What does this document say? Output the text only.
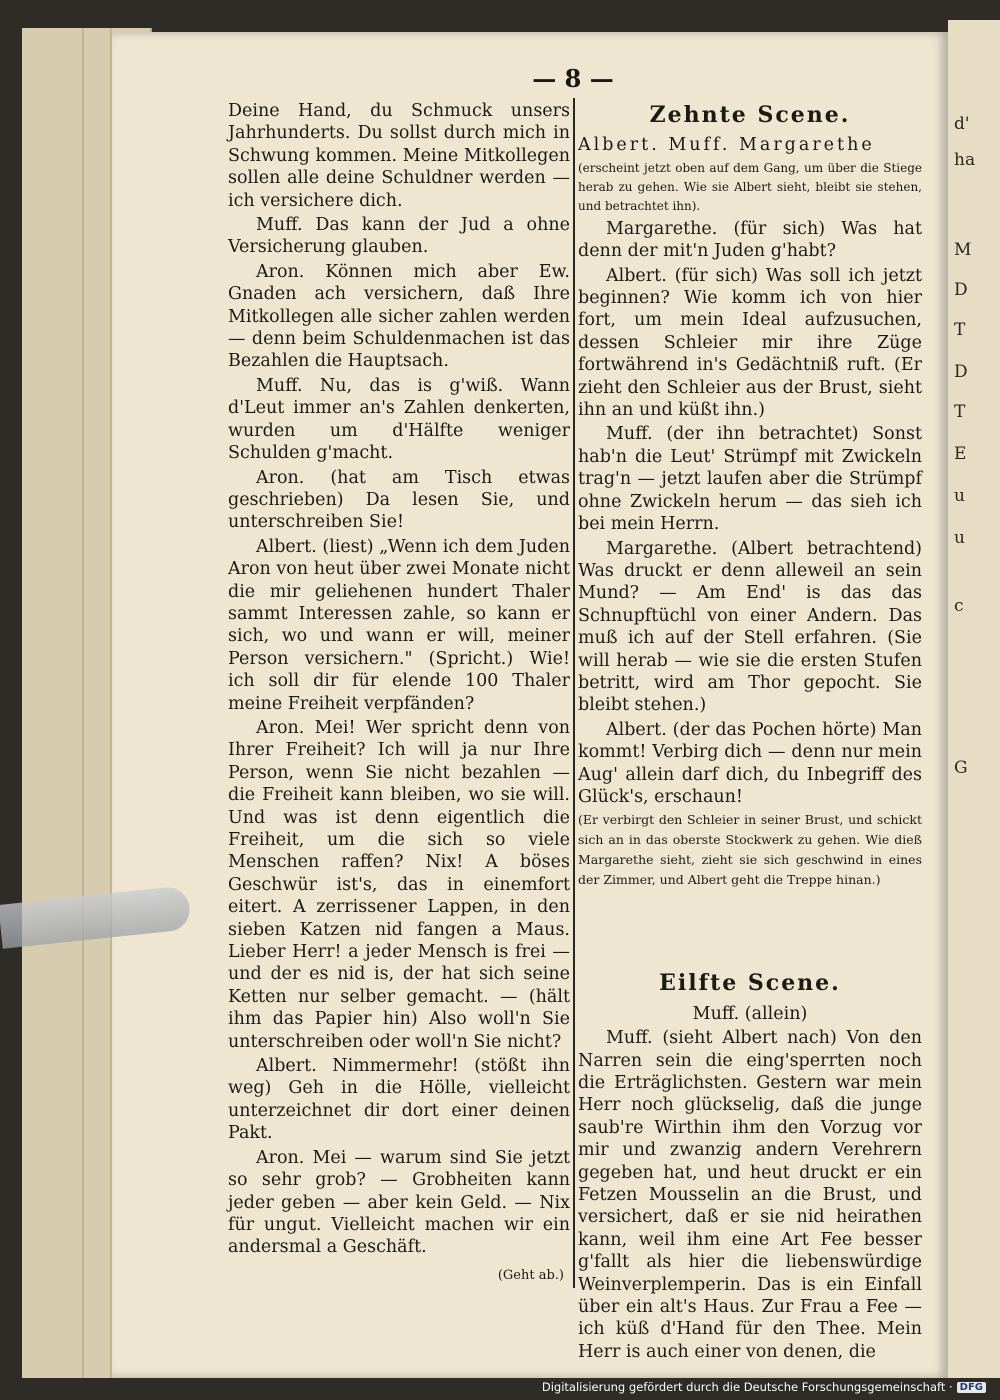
d'
ha
M
D
T
D
T
E
u
u
c
G
— 8 —

Deine Hand, du Schmuck unsers Jahrhunderts. Du sollst durch mich in Schwung kommen. Meine Mitkollegen sollen alle deine Schuldner werden — ich versichere dich.

Muff. Das kann der Jud a ohne Versicherung glauben.

Aron. Können mich aber Ew. Gnaden ach versichern, daß Ihre Mitkollegen alle sicher zahlen werden — denn beim Schuldenmachen ist das Bezahlen die Hauptsach.

Muff. Nu, das is g'wiß. Wann d'Leut immer an's Zahlen denkerten, wurden um d'Hälfte weniger Schulden g'macht.

Aron. (hat am Tisch etwas geschrieben) Da lesen Sie, und unterschreiben Sie!

Albert. (liest) „Wenn ich dem Juden Aron von heut über zwei Monate nicht die mir geliehenen hundert Thaler sammt Interessen zahle, so kann er sich, wo und wann er will, meiner Person versichern." (Spricht.) Wie! ich soll dir für elende 100 Thaler meine Freiheit verpfänden?

Aron. Mei! Wer spricht denn von Ihrer Freiheit? Ich will ja nur Ihre Person, wenn Sie nicht bezahlen — die Freiheit kann bleiben, wo sie will. Und was ist denn eigentlich die Freiheit, um die sich so viele Menschen raffen? Nix! A böses Geschwür ist's, das in einemfort eitert. A zerrissener Lappen, in den sieben Katzen nid fangen a Maus. Lieber Herr! a jeder Mensch is frei — und der es nid is, der hat sich seine Ketten nur selber gemacht. — (hält ihm das Papier hin) Also woll'n Sie unterschreiben oder woll'n Sie nicht?

Albert. Nimmermehr! (stößt ihn weg) Geh in die Hölle, vielleicht unterzeichnet dir dort einer deinen Pakt.

Aron. Mei — warum sind Sie jetzt so sehr grob? — Grobheiten kann jeder geben — aber kein Geld. — Nix für ungut. Vielleicht machen wir ein andersmal a Geschäft.

(Geht ab.)
Zehnte Scene.

Albert. Muff. Margarethe

(erscheint jetzt oben auf dem Gang, um über die Stiege herab zu gehen. Wie sie Albert sieht, bleibt sie stehen, und betrachtet ihn).

Margarethe. (für sich) Was hat denn der mit'n Juden g'habt?

Albert. (für sich) Was soll ich jetzt beginnen? Wie komm ich von hier fort, um mein Ideal aufzusuchen, dessen Schleier mir ihre Züge fortwährend in's Gedächtniß ruft. (Er zieht den Schleier aus der Brust, sieht ihn an und küßt ihn.)

Muff. (der ihn betrachtet) Sonst hab'n die Leut' Strümpf mit Zwickeln trag'n — jetzt laufen aber die Strümpf ohne Zwickeln herum — das sieh ich bei mein Herrn.

Margarethe. (Albert betrachtend) Was druckt er denn alleweil an sein Mund? — Am End' is das das Schnupftüchl von einer Andern. Das muß ich auf der Stell erfahren. (Sie will herab — wie sie die ersten Stufen betritt, wird am Thor gepocht. Sie bleibt stehen.)

Albert. (der das Pochen hörte) Man kommt! Verbirg dich — denn nur mein Aug' allein darf dich, du Inbegriff des Glück's, erschaun!

(Er verbirgt den Schleier in seiner Brust, und schickt sich an in das oberste Stockwerk zu gehen. Wie dieß Margarethe sieht, zieht sie sich geschwind in eines der Zimmer, und Albert geht die Treppe hinan.)

Eilfte Scene.

Muff. (allein)

Muff. (sieht Albert nach) Von den Narren sein die eing'sperrten noch die Erträglichsten. Gestern war mein Herr noch glückselig, daß die junge saub're Wirthin ihm den Vorzug vor mir und zwanzig andern Verehrern gegeben hat, und heut druckt er ein Fetzen Mousselin an die Brust, und versichert, daß er sie nid heirathen kann, weil ihm eine Art Fee besser g'fallt als hier die liebenswürdige Weinverplemperin. Das is ein Einfall über ein alt's Haus. Zur Frau a Fee — ich küß d'Hand für den Thee. Mein Herr is auch einer von denen, die

Digitalisierung gefördert durch die Deutsche Forschungsgemeinschaft · DFG
